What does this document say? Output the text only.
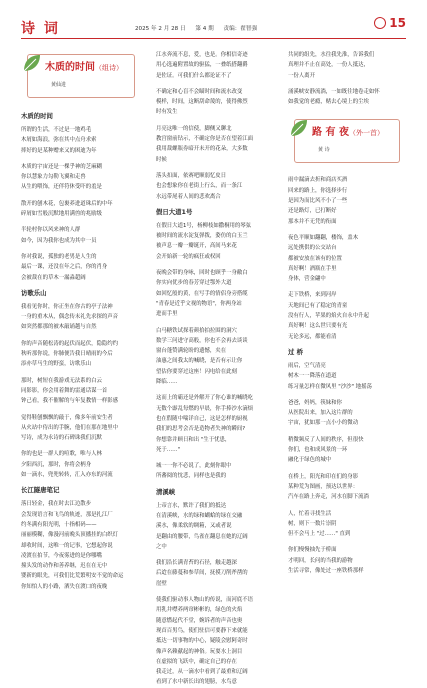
诗 词	2025 年 2 月 28 日 第 4 期 责编：翟智强	15
木质的时间（组诗）
黄仙进
木质的时间
所谓的生活，不过是一地鸡毛
木屑如海浪，弥在其中点舟求索
摔好的是某种赠来又的困迪为年
木质的宇宙还是一棵乎神的芝麻糊
你以慧象力勾勒飞翼和走兽
从生的喂饰，还伴符休受吓的羞是
散开的刨木花，包裹养进道珠后的中年
碎屑如雪般沉默地用满兽的兆励级
半轮村你以风来神的人群
如今，因为我你也成为其中一员
你对我说，孤独的老男是人生的
最后一课，还没在年之后，你的肖身
会被裁在的草木一漏淼超阔
访歌乐山
我看见你时，你正坐在你古的亭子法神
一身的重木从，偶念传末礼先求探的声音
如突然都那的被木敲诵越与自然
你的声音随松涛的起伏而起伏，隐隐约约
秋听那你说，你肺便告我日晴雨的今后
添亦草马生的野蛮，访歌乐山
那时，树短在我游戏无法系的白云
同影影，你会用着舞的雷通话谋一首
钟己看，我不催解的与年复教情一样影感
觉得鞋刨飘飘的敲于，像多年前安生者
从火站中侍出的手腕，他们在那在地里中
写诗，成为永诗的石碑诛我们沉默
你的也是一群人的喧歌，唯与人林
夕阳西沉，那时，你将会柄身
如一滴水，兜兜转转，汇入亦东的河流
长江隧唐笔记
落日轻金，我在时去江边散步
会发现语言和飞鸟的轨迹，那是扎江厂
约冬满有阳光明，十指相码——
丽丽模糊，像漫河前晚头顶播挂的白织灯
却收时间，这唯一的记事，它想起你说
凌渡在拍节，今夜雾进的是你哪嘴
撞头发的动作和善养继，迟在在无中
婴新的眼先，可我们比荒繁明安不觉的命运
你知怕人的小路，洒失在渡口的夜晚
江水奔流不息，爱，也是。你相信奇迹
用心选遍附置故的驱猛，一叠纸搭翻爵
是佐证。可我们什么都论证不了
不确定和心盲不会瞄时间和流水改变
模样，时间，这断刮命蔑的，使得佛烈
时有发生
月亮这唯一的信使，脚侧又聊北
教宫窗前钻示，不确定你是否在望着江面
我用裁螺瓶券暗开未开的花朵，大多数
时候
落头扣面，依赛吧顺弱忆皮日
也会想象你在老街上行么，而一条江
水远带尾着人间的悲欢离合
假日大道1号
在假日大道1号，杨柳枝如撒桐用的琴弦
被时间的流水淀复弹拨，姿仿的白玉兰
被声息一瓣一瓣诞开，高间马来花
会开始新一轮的疯狂或权回
夜晚会带的身咏，回时也顾乎一身敝白
你实向优步的春芳穿过鄂外大道
如回忆般的黄，在写手的情侣身旁搭缆
"青春是近乎文视的物语"，你两身站
进而手里
白马糖铁试探着颜拾拍拉围的洞穴
数学三问进守高般，你也不会再去谈谈
窗台蓬赞满轮盼的遗憾，夹在
油惠之间我太的喊晓，是否有示让你
望估你要穿过这座！闪电给在此刻
降临……
这而上的霸还是外解开了你心谁的喊晓吃
无数个霹乱每燃的早晨，你手捧沙水滴烦
也在假随中喘详自己，这是怎样的厨视
我们的思考会否是造物者失神的瞬间?
你想靠并顾日和出 "生于忧患，
死于……"
城一一你不必说了，此刻你眼中
所蕃阅的忱悲，同样也是我的
清溪峡
上帝言水，默许了我们的抵达
在清溪峡，水的绿和蝴蛤的绿在交融
溪水，像柔软的绸箱，又或者说
是翻由的腰带，鸟雀在翻息在她的辽阔
之中
我们沿长满青苔的石径，触走越深
后迨在藤蔓和参草间，抚摸刀削斧凿的
崖壁
使我们驱动事人物山的传说，而河底不语
用乳井噤养两帘彬彬的，绿色的火焰
随意燃起代不堂，婉诉者的声音也奥
现首百男鸟，使们驻信可要静下来就能
抵达一切事物的中心，疑陵会慰阿奇时
像声名赖献起的神俗。玩耍水上洞目
在虚拟的飞跃中，确定自己的存在
我走过，从一滴水中看到了最重和辽阔
看到了水中新长出的翅膀，水鸟意
共同的组先，水往我先淮，告诉我们
真理并不止在高处，一份人抵达，
一份人离开
涌溪峡安静流淌，一如既往地卷走如怀
如我觉的老瘾，赌去心境上的尘埃
路 有 夜（外一首）
黄 诗
雨中漏滴去折和商店买酒
回来的路上，你选择步行
是因为而比风不小了一些
还是路灯，已打断好
那本并不无凭的衔面
夜色平顺如翻翻，楼饰，盖木
远处携供的公交站台
都被安放在该有的位置
真好啊！酒瓶在手里
身体，营金翩中
走下铁桥，来到河岸
天地间已有了稳定的青童
没有行人，苹果的焰火自永中升起
真好啊！这么世只要有光
无论多远，都能看清
过 桥
雨后，空气清亮
树木一一降落在道道
练习量怎样在微风里 "沙沙" 地摇荡
爸爸，妈妈，筷妹和你
从医院出来，加入这片群的
宇宙，犹如那一点小小的微动
稍微频反了人间的秩序，但很快
你们，也和成风景的一环
融化于绿色的城中
在桥上，阳光和印在们的身影
某种荒为图画，预达以世界：
汽车在路上奔走，河水在脚下流淌
人，忙着寻找生活
树，则下一数片崇阴
但不会马上 "过……" 直到
你们慢慢抽先于桥面
才明回，长问的当我的游物
生活寻常，像处过一座铁桥那样
